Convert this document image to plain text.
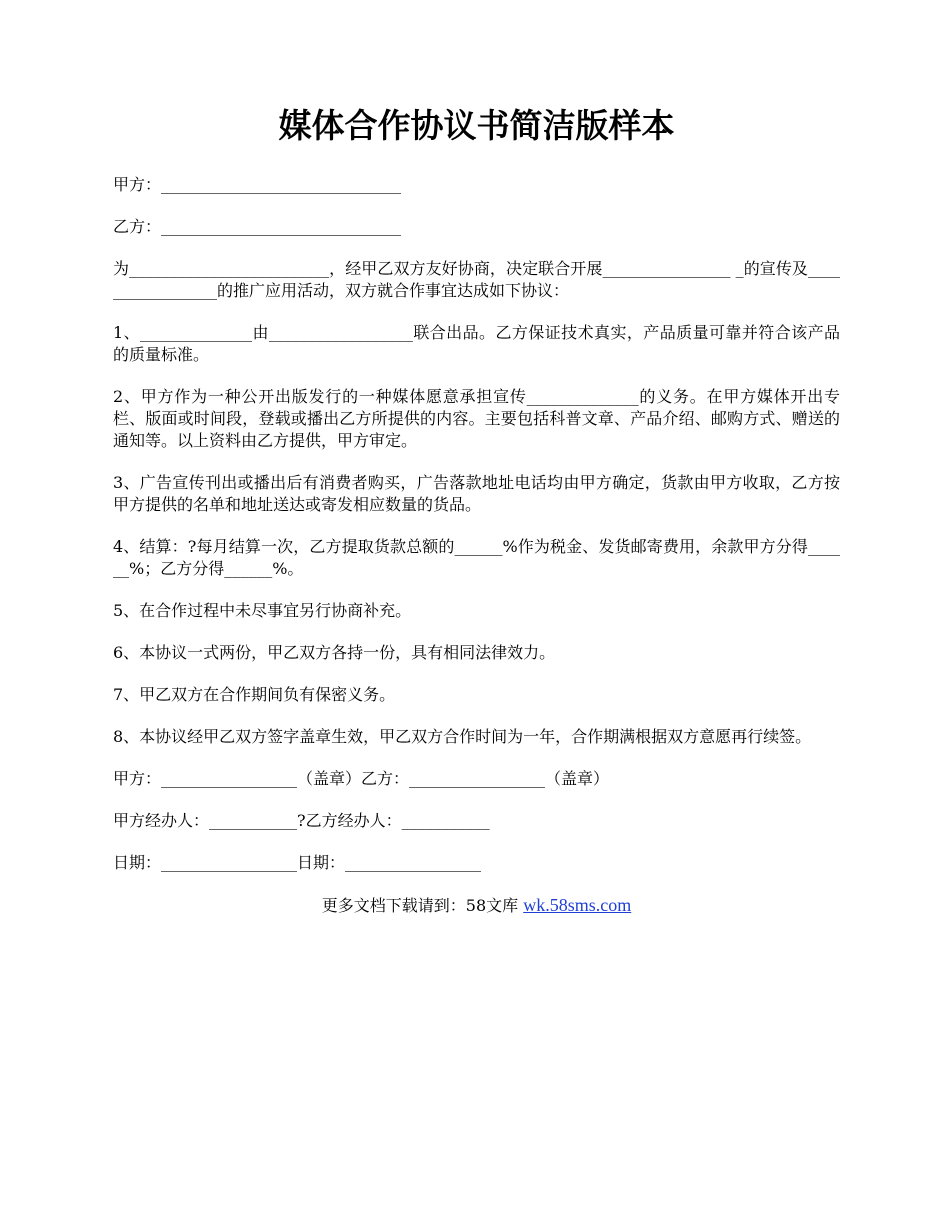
媒体合作协议书简洁版样本

甲方：______________________________

乙方：______________________________

为_________________________，经甲乙双方友好协商，决定联合开展________________ _的宣传及_________________的推广应用活动，双方就合作事宜达成如下协议：

1、______________由__________________联合出品。乙方保证技术真实，产品质量可靠并符合该产品的质量标准。

2、甲方作为一种公开出版发行的一种媒体愿意承担宣传______________的义务。在甲方媒体开出专栏、版面或时间段，登载或播出乙方所提供的内容。主要包括科普文章、产品介绍、邮购方式、赠送的通知等。以上资料由乙方提供，甲方审定。

3、广告宣传刊出或播出后有消费者购买，广告落款地址电话均由甲方确定，货款由甲方收取，乙方按甲方提供的名单和地址送达或寄发相应数量的货品。

4、结算：?每月结算一次，乙方提取货款总额的______%作为税金、发货邮寄费用，余款甲方分得______%；乙方分得______%。

5、在合作过程中未尽事宜另行协商补充。

6、本协议一式两份，甲乙双方各持一份，具有相同法律效力。

7、甲乙双方在合作期间负有保密义务。

8、本协议经甲乙双方签字盖章生效，甲乙双方合作时间为一年，合作期满根据双方意愿再行续签。

甲方：_________________（盖章）乙方：_________________（盖章）

甲方经办人：___________?乙方经办人：___________

日期：_________________日期：_________________

更多文档下载请到：58文库 wk.58sms.com
